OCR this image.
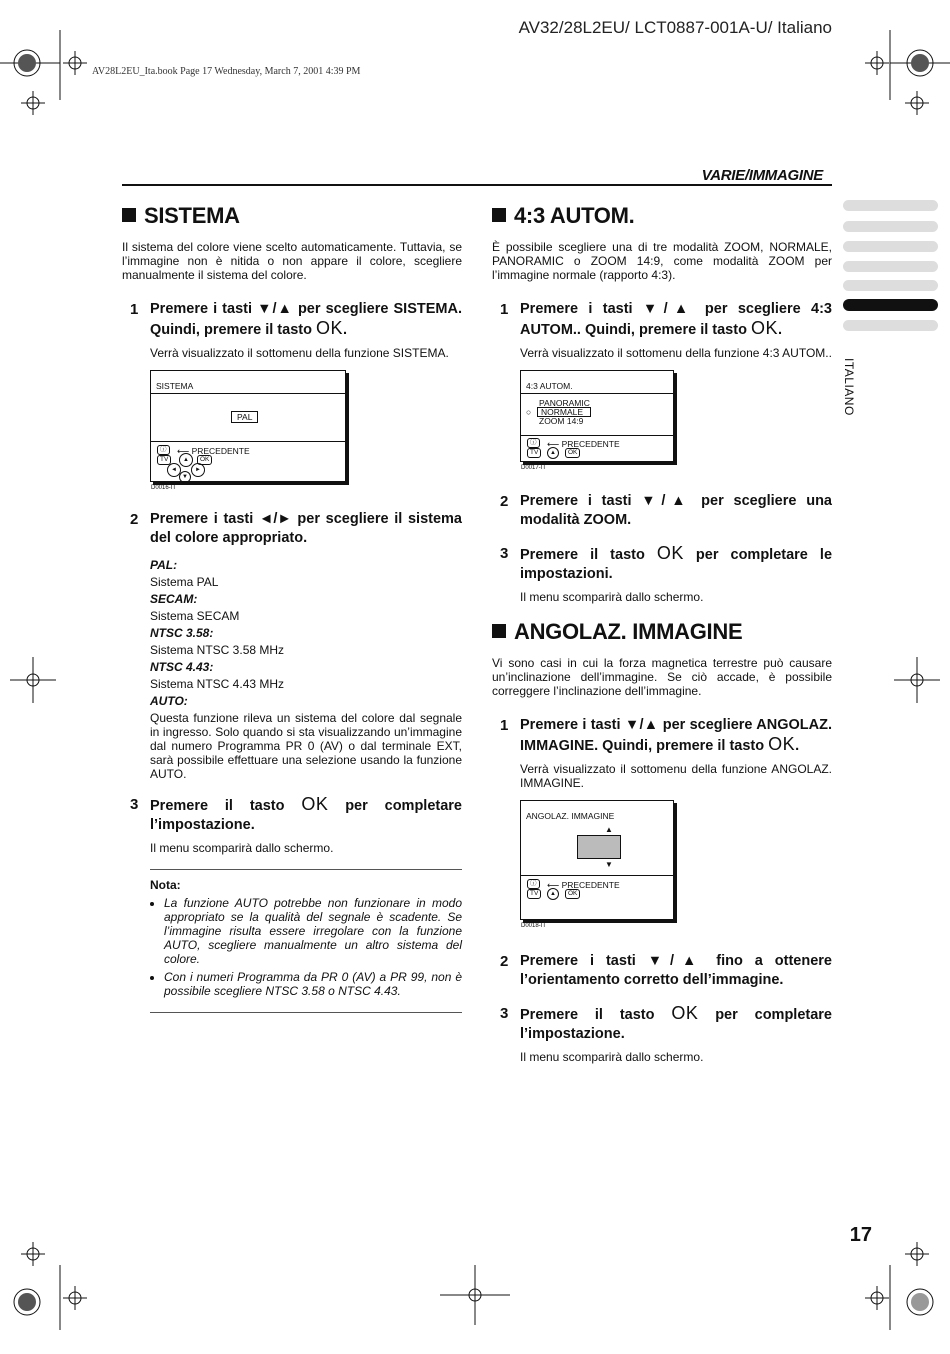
AV32/28L2EU/ LCT0887-001A-U/ Italiano
AV28L2EU_Ita.book Page 17 Wednesday, March 7, 2001 4:39 PM
VARIE/IMMAGINE
ITALIANO
17
SISTEMA

Il sistema del colore viene scelto automaticamente. Tuttavia, se l’immagine non è nitida o non appare il colore, scegliere manualmente il sistema del colore.

1 Premere i tasti ▼/▲ per scegliere SISTEMA. Quindi, premere il tasto OK.
Verrà visualizzato il sottomenu della funzione SISTEMA.
SISTEMA
PAL
ⓘ	⟵ PRECEDENTE
TV	OK
▲
◄	►
▼
D0016-IT
2 Premere i tasti ◄/► per scegliere il sistema del colore appropriato.
PAL:
Sistema PAL
SECAM:
Sistema SECAM
NTSC 3.58:
Sistema NTSC 3.58 MHz
NTSC 4.43:
Sistema NTSC 4.43 MHz
AUTO:
Questa funzione rileva un sistema del colore dal segnale in ingresso. Solo quando si sta visualizzando un’immagine dal numero Programma PR 0 (AV) o dal terminale EXT, sarà possibile effettuare una selezione usando la funzione AUTO.
3 Premere il tasto OK per completare l’impostazione.
Il menu scomparirà dallo schermo.
Nota:
• La funzione AUTO potrebbe non funzionare in modo appropriato se la qualità del segnale è scadente. Se l’immagine risulta essere irregolare con la funzione AUTO, scegliere manualmente un altro sistema del colore.
• Con i numeri Programma da PR 0 (AV) a PR 99, non è possibile scegliere NTSC 3.58 o NTSC 4.43.
4:3 AUTOM.

È possibile scegliere una di tre modalità ZOOM, NORMALE, PANORAMIC o ZOOM 14:9, come modalità ZOOM per l’immagine normale (rapporto 4:3).

1 Premere i tasti ▼/▲ per scegliere 4:3 AUTOM.. Quindi, premere il tasto OK.
Verrà visualizzato il sottomenu della funzione 4:3 AUTOM..
4:3 AUTOM.
PANORAMIC
○	NORMALE
ZOOM 14:9
ⓘ	⟵ PRECEDENTE
TV	OK
▲
D0017-IT
2 Premere i tasti ▼/▲ per scegliere una modalità ZOOM.
3 Premere il tasto OK per completare le impostazioni.
Il menu scomparirà dallo schermo.
ANGOLAZ. IMMAGINE

Vi sono casi in cui la forza magnetica terrestre può causare un’inclinazione dell’immagine. Se ciò accade, è possibile correggere l’inclinazione dell’immagine.

1 Premere i tasti ▼/▲ per scegliere ANGOLAZ. IMMAGINE. Quindi, premere il tasto OK.
Verrà visualizzato il sottomenu della funzione ANGOLAZ. IMMAGINE.
ANGOLAZ. IMMAGINE
▲
▼
ⓘ	⟵ PRECEDENTE
TV	OK
▲
D0018-IT
2 Premere i tasti ▼/▲ fino a ottenere l’orientamento corretto dell’immagine.
3 Premere il tasto OK per completare l’impostazione.
Il menu scomparirà dallo schermo.
